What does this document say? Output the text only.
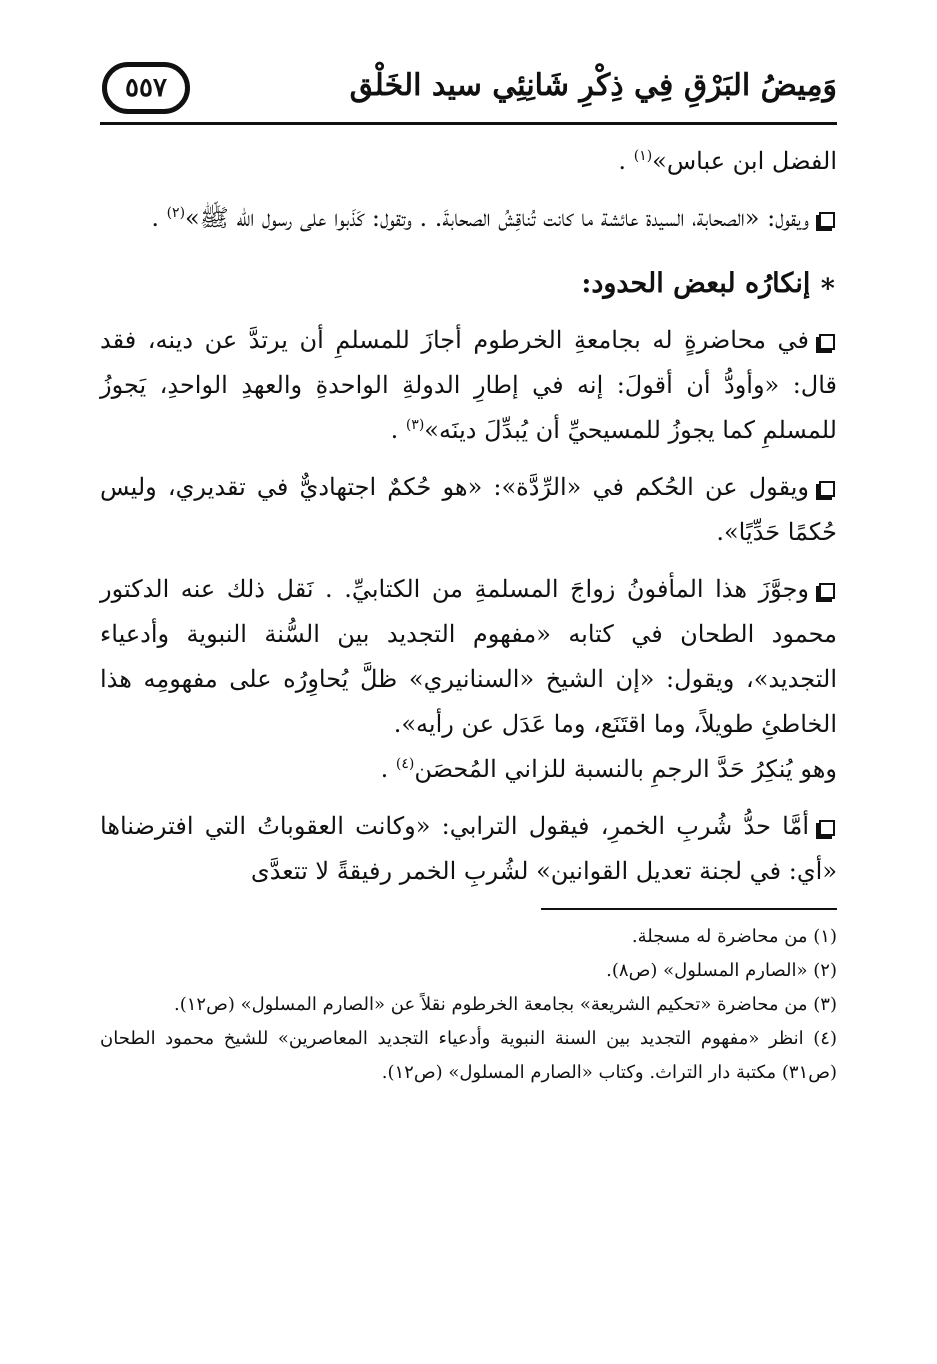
وَمِيضُ البَرْقِ فِي ذِكْرِ شَانِئِي سيد الخَلْق
٥٥٧

الفضل ابن عباس»$^{(١)}$ .

ويقول: «الصحابة، السيدة عائشة ما كانت تُناقِشُ الصحابةَ. . وتقول: كَذَبوا على رسول اللّه ﷺ»$^{(٢)}$ .

∗إنكارُه لبعض الحدود:

في محاضرةٍ له بجامعةِ الخرطوم أجازَ للمسلمِ أن يرتدَّ عن دينه، فقد قال: «وأودُّ أن أقولَ: إنه في إطارِ الدولةِ الواحدةِ والعهدِ الواحدِ، يَجوزُ للمسلمِ كما يجوزُ للمسيحيِّ أن يُبدِّلَ دينَه»$^{(٣)}$ .

ويقول عن الحُكم في «الرِّدَّة»: «هو حُكمٌ اجتهاديٌّ في تقديري، وليس حُكمًا حَدِّيًا».

وجوَّزَ هذا المأفونُ زواجَ المسلمةِ من الكتابيِّ. . نَقل ذلك عنه الدكتور محمود الطحان في كتابه «مفهوم التجديد بين السُّنة النبوية وأدعياء التجديد»، ويقول: «إن الشيخ «السنانيري» ظلَّ يُحاوِرُه على مفهومِه هذا الخاطئِ طويلاً، وما اقتَنَع، وما عَدَل عن رأيه».

وهو يُنكِرُ حَدَّ الرجمِ بالنسبة للزاني المُحصَن$^{(٤)}$ .

أمَّا حدُّ شُربِ الخمرِ، فيقول الترابي: «وكانت العقوباتُ التي افترضناها «أي: في لجنة تعديل القوانين» لشُربِ الخمر رفيقةً لا تتعدَّى

(١) من محاضرة له مسجلة.

(٢) «الصارم المسلول» (ص٨).

(٣) من محاضرة «تحكيم الشريعة» بجامعة الخرطوم نقلاً عن «الصارم المسلول» (ص١٢).

(٤) انظر «مفهوم التجديد بين السنة النبوية وأدعياء التجديد المعاصرين» للشيخ محمود الطحان (ص٣١) مكتبة دار التراث. وكتاب «الصارم المسلول» (ص١٢).
